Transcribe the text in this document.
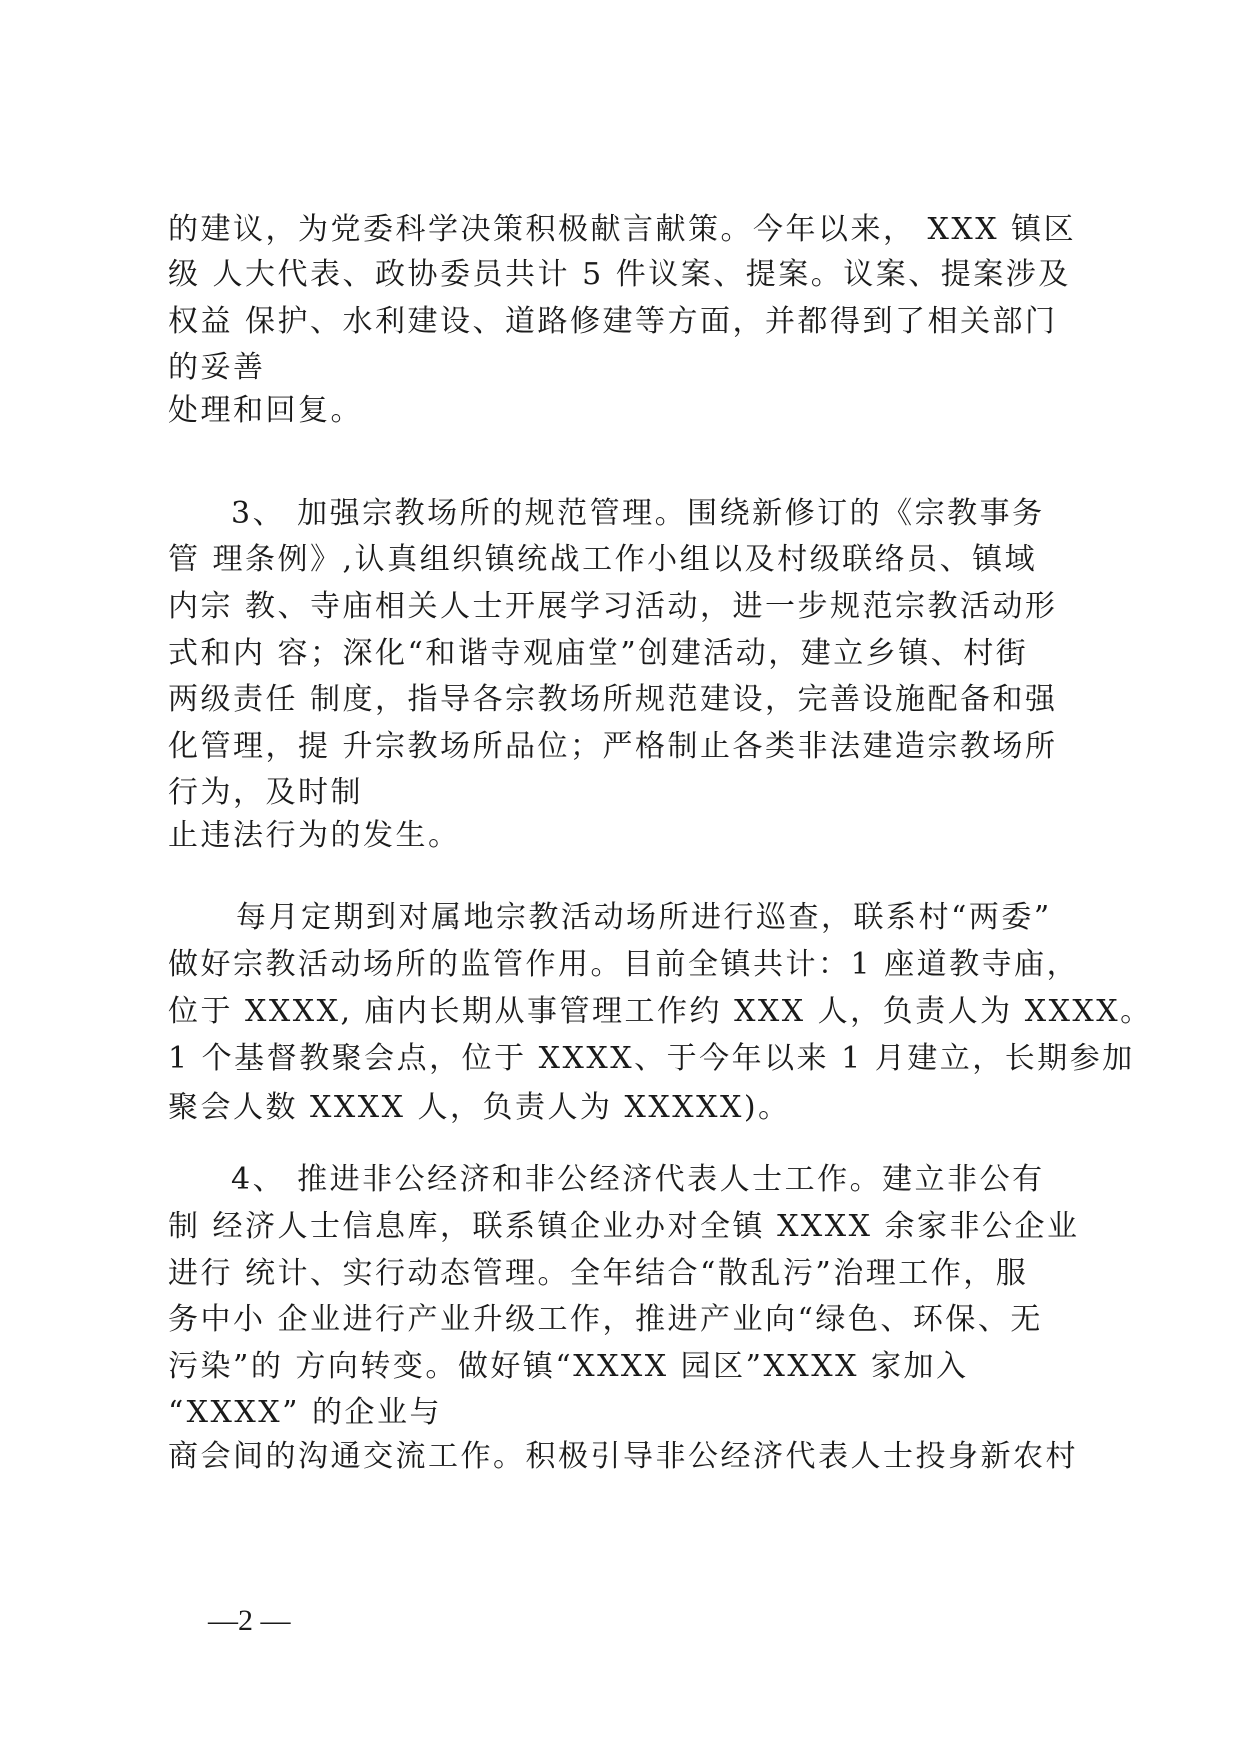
的建议，为党委科学决策积极献言献策。今年以来， XXX 镇区
级 人大代表、政协委员共计 5 件议案、提案。议案、提案涉及
权益 保护、水利建设、道路修建等方面，并都得到了相关部门
的妥善
处理和回复。
3、 加强宗教场所的规范管理。围绕新修订的《宗教事务
管 理条例》,认真组织镇统战工作小组以及村级联络员、镇域
内宗 教、寺庙相关人士开展学习活动，进一步规范宗教活动形
式和内 容；深化“和谐寺观庙堂”创建活动，建立乡镇、村街
两级责任 制度，指导各宗教场所规范建设，完善设施配备和强
化管理，提 升宗教场所品位；严格制止各类非法建造宗教场所
行为，及时制
止违法行为的发生。
每月定期到对属地宗教活动场所进行巡查，联系村“两委”
做好宗教活动场所的监管作用。目前全镇共计：1 座道教寺庙，
位于 XXXX, 庙内长期从事管理工作约 XXX 人，负责人为 XXXX。
1 个基督教聚会点，位于 XXXX、于今年以来 1 月建立，长期参加
聚会人数 XXXX 人，负责人为 XXXXX)。
4、 推进非公经济和非公经济代表人士工作。建立非公有
制 经济人士信息库，联系镇企业办对全镇 XXXX 余家非公企业
进行 统计、实行动态管理。全年结合“散乱污”治理工作，服
务中小 企业进行产业升级工作，推进产业向“绿色、环保、无
污染”的 方向转变。做好镇“XXXX 园区”XXXX 家加入
“XXXX” 的企业与
商会间的沟通交流工作。积极引导非公经济代表人士投身新农村
—2 —
